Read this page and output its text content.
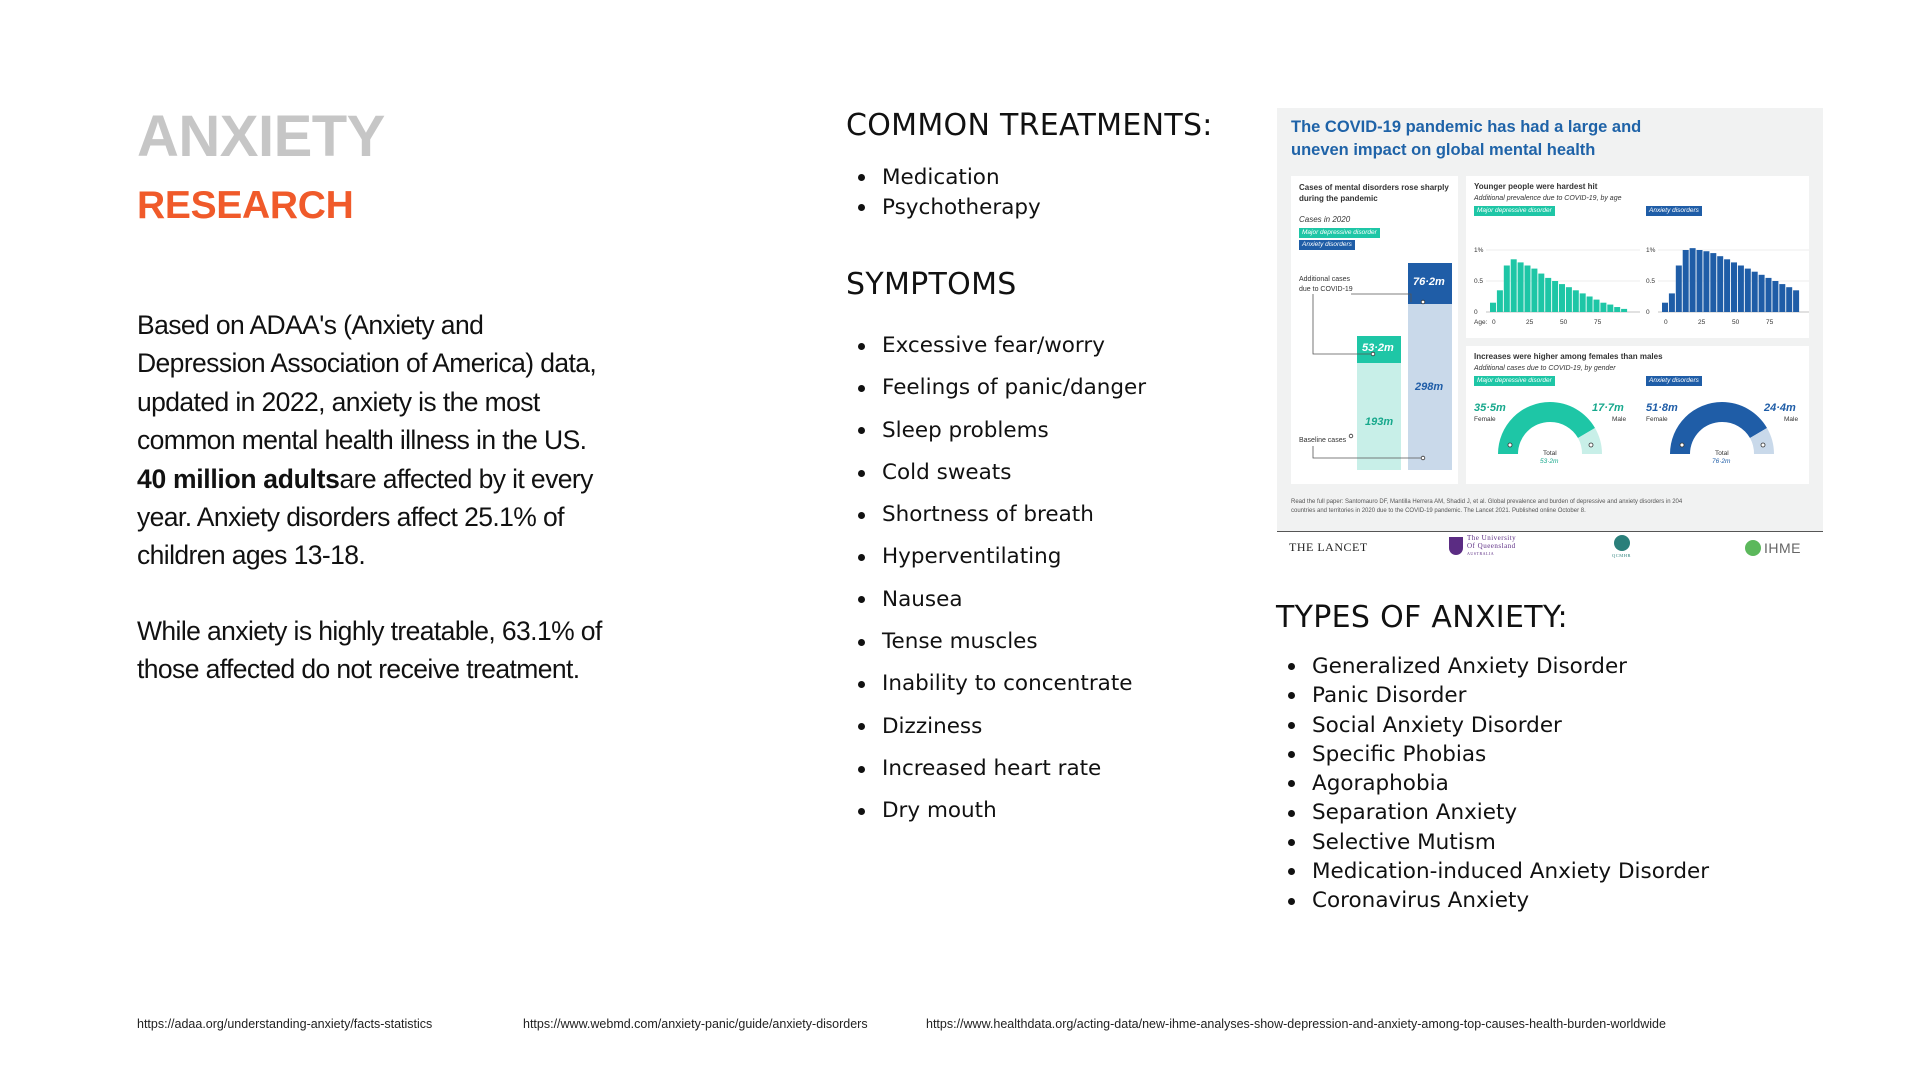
ANXIETY
RESEARCH
Based on ADAA's (Anxiety and Depression Association of America) data, updated in 2022, anxiety is the most common mental health illness in the US. 40 million adultsare affected by it every year. Anxiety disorders affect 25.1% of children ages 13-18.
While anxiety is highly treatable, 63.1% of those affected do not receive treatment.
COMMON TREATMENTS:
Medication
Psychotherapy
SYMPTOMS
Excessive fear/worry
Feelings of panic/danger
Sleep problems
Cold sweats
Shortness of breath
Hyperventilating
Nausea
Tense muscles
Inability to concentrate
Dizziness
Increased heart rate
Dry mouth
The COVID-19 pandemic has had a large and uneven impact on global mental health
Cases of mental disorders rose sharply during the pandemic
Cases in 2020
Major depressive disorder
Anxiety disorders
Additional cases due to COVID-19
Baseline cases
53·2m
193m
76·2m
298m
Younger people were hardest hit
Additional prevalence due to COVID-19, by age
Major depressive disorder	Anxiety disorders
1%
0.5
0
1%
0.5
0
Age: 0	25	50	75	0	25	50	75
Increases were higher among females than males
Additional cases due to COVID-19, by gender
Major depressive disorder	Anxiety disorders
35·5m
Female
17·7m
Male
Total
53·2m
51·8m
Female
24·4m
Male
Total
76·2m
Read the full paper: Santomauro DF, Mantilla Herrera AM, Shadid J, et al. Global prevalence and burden of depressive and anxiety disorders in 204 countries and territories in 2020 due to the COVID-19 pandemic. The Lancet 2021. Published online October 8.
THE LANCET
The University
Of Queensland
AUSTRALIA	QCMHR	IHME
TYPES OF ANXIETY:
Generalized Anxiety Disorder
Panic Disorder
Social Anxiety Disorder
Specific Phobias
Agoraphobia
Separation Anxiety
Selective Mutism
Medication-induced Anxiety Disorder
Coronavirus Anxiety
https://adaa.org/understanding-anxiety/facts-statistics	https://www.webmd.com/anxiety-panic/guide/anxiety-disorders	https://www.healthdata.org/acting-data/new-ihme-analyses-show-depression-and-anxiety-among-top-causes-health-burden-worldwide
